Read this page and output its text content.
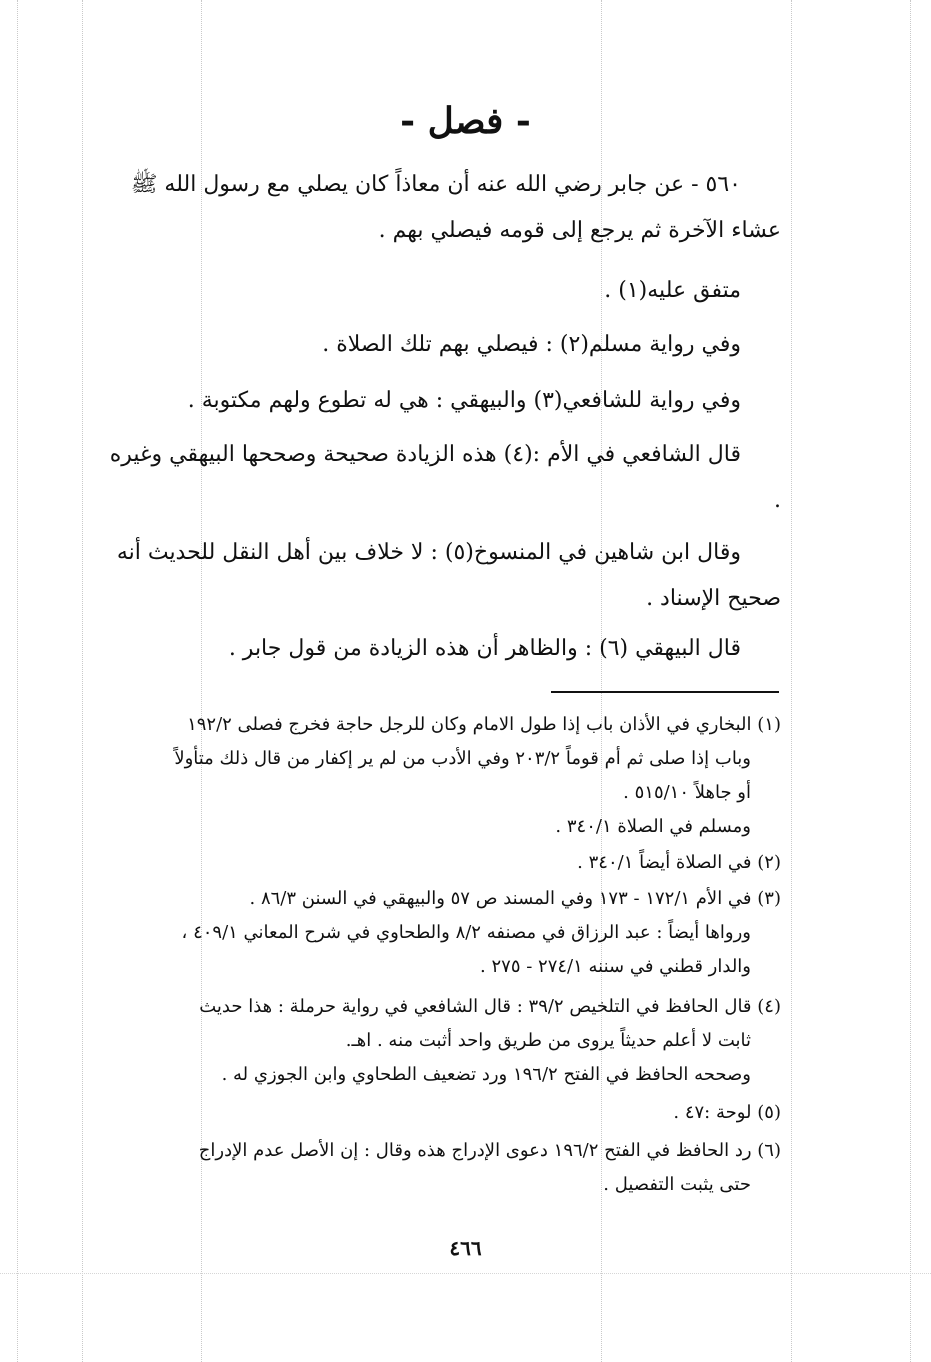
- فصل -
٥٦٠ - عن جابر رضي الله عنه أن معاذاً كان يصلي مع رسول الله ﷺ عشاء الآخرة ثم يرجع إلى قومه فيصلي بهم .
متفق عليه(١) .
وفي رواية مسلم(٢) : فيصلي بهم تلك الصلاة .
وفي رواية للشافعي(٣) والبيهقي : هي له تطوع ولهم مكتوبة .
قال الشافعي في الأم :(٤) هذه الزيادة صحيحة وصححها البيهقي وغيره .
وقال ابن شاهين في المنسوخ(٥) : لا خلاف بين أهل النقل للحديث أنه صحيح الإسناد .
قال البيهقي (٦) : والظاهر أن هذه الزيادة من قول جابر .
(١) البخاري في الأذان باب إذا طول الامام وكان للرجل حاجة فخرج فصلى ١٩٢/٢
وباب إذا صلى ثم أم قوماً ٢٠٣/٢ وفي الأدب من لم ير إكفار من قال ذلك متأولاً
أو جاهلاً ٥١٥/١٠ .
ومسلم في الصلاة ٣٤٠/١ .
(٢) في الصلاة أيضاً ٣٤٠/١ .
(٣) في الأم ١٧٢/١ - ١٧٣ وفي المسند ص ٥٧ والبيهقي في السنن ٨٦/٣ .
ورواها أيضاً : عبد الرزاق في مصنفه ٨/٢ والطحاوي في شرح المعاني ٤٠٩/١ ،
والدار قطني في سننه ٢٧٤/١ - ٢٧٥ .
(٤) قال الحافظ في التلخيص ٣٩/٢ : قال الشافعي في رواية حرملة : هذا حديث
ثابت لا أعلم حديثاً يروى من طريق واحد أثبت منه . اهـ.
وصححه الحافظ في الفتح ١٩٦/٢ ورد تضعيف الطحاوي وابن الجوزي له .
(٥) لوحة :٤٧ .
(٦) رد الحافظ في الفتح ١٩٦/٢ دعوى الإدراج هذه وقال : إن الأصل عدم الإدراج
حتى يثبت التفصيل .
٤٦٦
